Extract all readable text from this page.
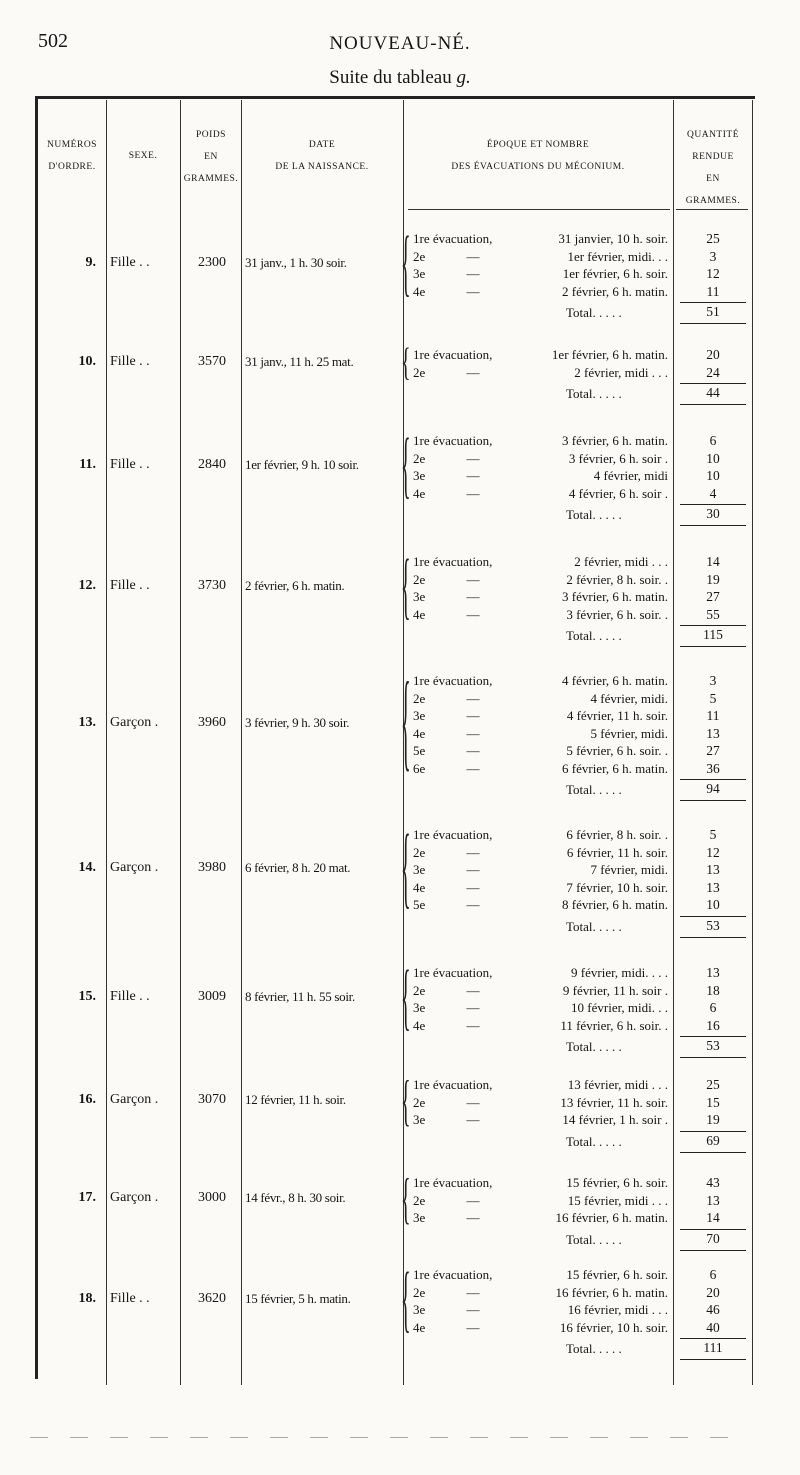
502	NOUVEAU-NÉ.
Suite du tableau g.
NUMÉROS
D'ORDRE.
SEXE.
POIDS
EN
GRAMMES.
DATE
DE LA NAISSANCE.
ÉPOQUE ET NOMBRE
DES ÉVACUATIONS DU MÉCONIUM.
QUANTITÉ
RENDUE
EN
GRAMMES.
9. Fille . .	2300	31 janv., 1 h. 30 soir.	{ 1re évacuation,	31 janvier, 10 h. soir.	25
2e	—	1er février, midi. . .	3
3e	—	1er février, 6 h. soir.	12
4e	—	2 février, 6 h. matin.	11
Total. . . . .	51
10. Fille . .	3570	31 janv., 11 h. 25 mat.	{ 1re évacuation,	1er février, 6 h. matin.	20
2e	—	2 février, midi . . .	24
Total. . . . .	44
11. Fille . .	2840	1er février, 9 h. 10 soir.	{ 1re évacuation,	3 février, 6 h. matin.	6
2e	—	3 février, 6 h. soir .	10
3e	—	4 février, midi	10
4e	—	4 février, 6 h. soir .	4
Total. . . . .	30
12. Fille . .	3730	2 février, 6 h. matin.	{ 1re évacuation,	2 février, midi . . .	14
2e	—	2 février, 8 h. soir. .	19
3e	—	3 février, 6 h. matin.	27
4e	—	3 février, 6 h. soir. .	55
Total. . . . .	115
13. Garçon .	3960	3 février, 9 h. 30 soir.	{ 1re évacuation,	4 février, 6 h. matin.	3
2e	—	4 février, midi.	5
3e	—	4 février, 11 h. soir.	11
4e	—	5 février, midi.	13
5e	—	5 février, 6 h. soir. .	27
6e	—	6 février, 6 h. matin.	36
Total. . . . .	94
14. Garçon .	3980	6 février, 8 h. 20 mat.	{ 1re évacuation,	6 février, 8 h. soir. .	5
2e	—	6 février, 11 h. soir.	12
3e	—	7 février, midi.	13
4e	—	7 février, 10 h. soir.	13
5e	—	8 février, 6 h. matin.	10
Total. . . . .	53
15. Fille . .	3009	8 février, 11 h. 55 soir.	{ 1re évacuation,	9 février, midi. . . .	13
2e	—	9 février, 11 h. soir .	18
3e	—	10 février, midi. . .	6
4e	—	11 février, 6 h. soir. .	16
Total. . . . .	53
16. Garçon .	3070	12 février, 11 h. soir.	{ 1re évacuation,	13 février, midi . . .	25
2e	—	13 février, 11 h. soir.	15
3e	—	14 février, 1 h. soir .	19
Total. . . . .	69
17. Garçon .	3000	14 févr., 8 h. 30 soir.	{ 1re évacuation,	15 février, 6 h. soir.	43
2e	—	15 février, midi . . .	13
3e	—	16 février, 6 h. matin.	14
Total. . . . .	70
18. Fille . .	3620	15 février, 5 h. matin.	{ 1re évacuation,	15 février, 6 h. soir.	6
2e	—	16 février, 6 h. matin.	20
3e	—	16 février, midi . . .	46
4e	—	16 février, 10 h. soir.	40
Total. . . . .	111
